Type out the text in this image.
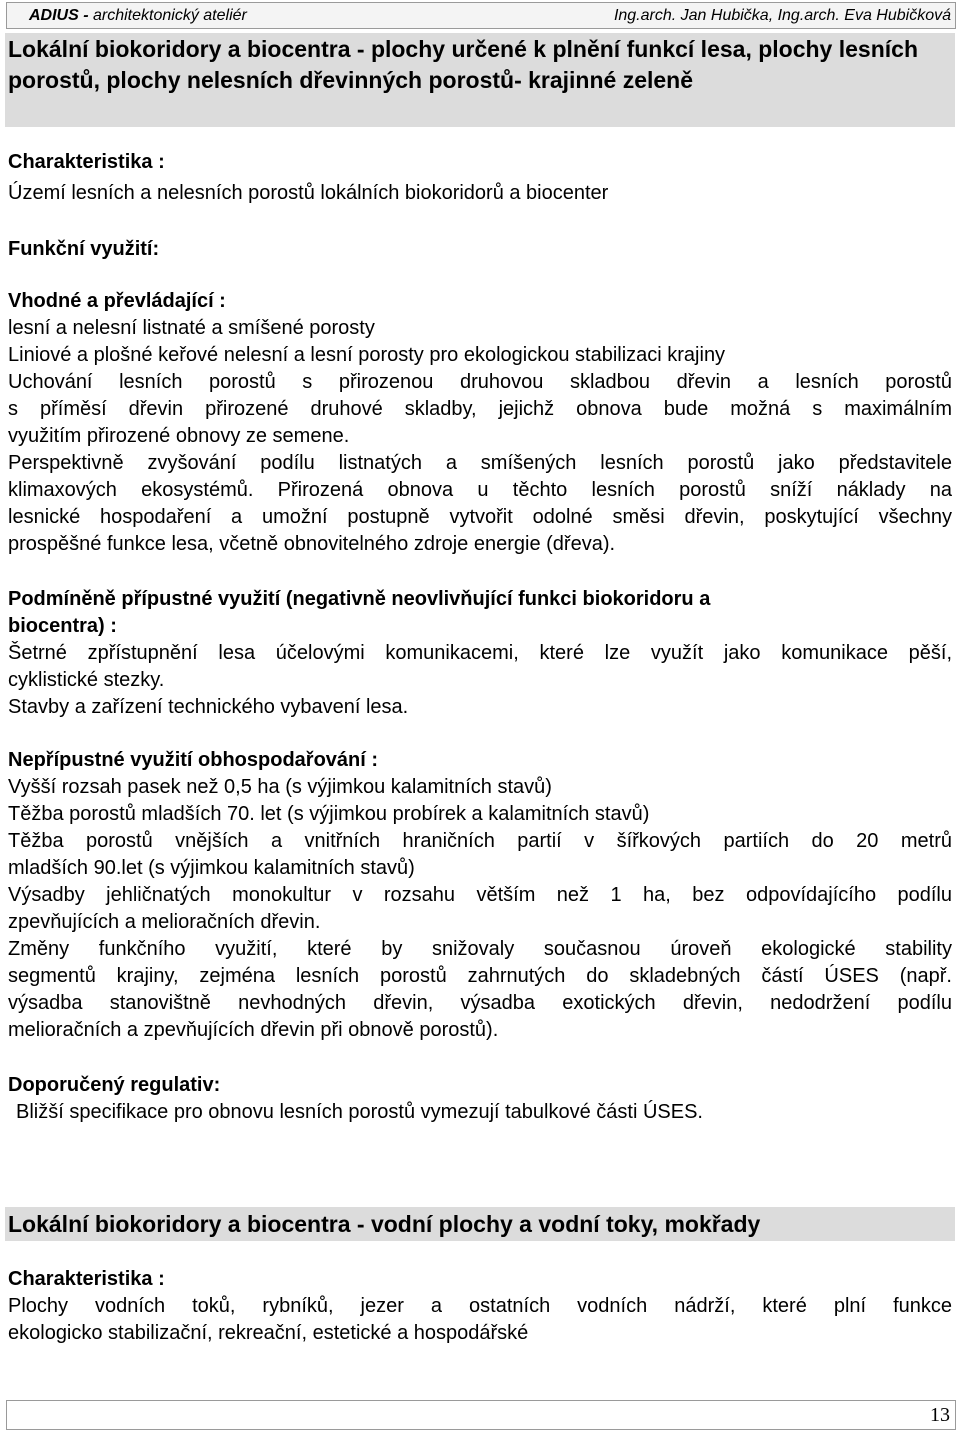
ADIUS - architektonický ateliér	Ing.arch. Jan Hubička, Ing.arch. Eva Hubičková
Lokální biokoridory a biocentra - plochy určené k plnění funkcí lesa, plochy lesních porostů, plochy nelesních dřevinných porostů- krajinné zeleně
Charakteristika :
Území lesních a nelesních porostů lokálních biokoridorů a biocenter
Funkční využití:
Vhodné a převládající :
lesní a nelesní listnaté a smíšené porosty
Liniové a plošné keřové nelesní a lesní porosty pro ekologickou stabilizaci krajiny
Uchování lesních porostů s přirozenou druhovou skladbou dřevin a lesních porostů
s příměsí dřevin přirozené druhové skladby, jejichž obnova bude možná s maximálním
využitím přirozené obnovy ze semene.
Perspektivně zvyšování podílu listnatých a smíšených lesních porostů jako představitele
klimaxových ekosystémů. Přirozená obnova u těchto lesních porostů sníží náklady na
lesnické hospodaření a umožní postupně vytvořit odolné směsi dřevin, poskytující všechny
prospěšné funkce lesa, včetně obnovitelného zdroje energie (dřeva).
Podmíněně přípustné využití (negativně neovlivňující funkci biokoridoru a
biocentra) :
Šetrné zpřístupnění lesa účelovými komunikacemi, které lze využít jako komunikace pěší,
cyklistické stezky.
Stavby a zařízení technického vybavení lesa.
Nepřípustné využití obhospodařování :
Vyšší rozsah pasek než 0,5 ha (s výjimkou kalamitních stavů)
Těžba porostů mladších 70. let (s výjimkou probírek a kalamitních stavů)
Těžba porostů vnějších a vnitřních hraničních partií v šířkových partiích do 20 metrů
mladších 90.let (s výjimkou kalamitních stavů)
Výsadby jehličnatých monokultur v rozsahu větším než 1 ha, bez odpovídajícího podílu
zpevňujících a melioračních dřevin.
Změny funkčního využití, které by snižovaly současnou úroveň ekologické stability
segmentů krajiny, zejména lesních porostů zahrnutých do skladebných částí ÚSES (např.
výsadba stanovištně nevhodných dřevin, výsadba exotických dřevin, nedodržení podílu
melioračních a zpevňujících dřevin při obnově porostů).
Doporučený regulativ:
Bližší specifikace pro obnovu lesních porostů vymezují tabulkové části ÚSES.
Lokální biokoridory a biocentra - vodní plochy a vodní toky, mokřady
Charakteristika :
Plochy vodních toků, rybníků, jezer a ostatních vodních nádrží, které plní funkce
ekologicko stabilizační, rekreační, estetické a hospodářské
13
